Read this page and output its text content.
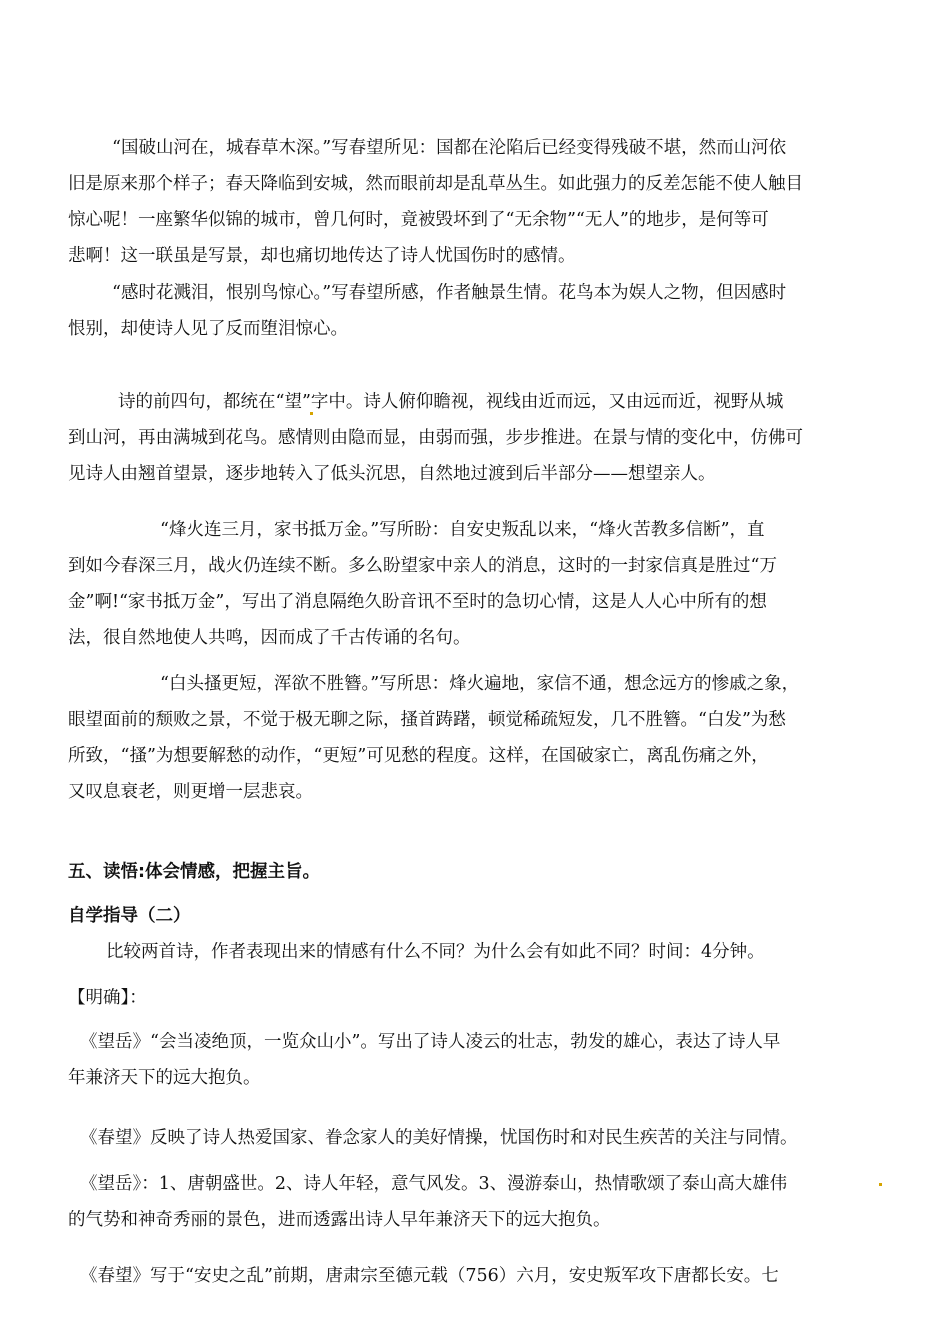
“国破山河在，城春草木深。”写春望所见：国都在沦陷后已经变得残破不堪，然而山河依
旧是原来那个样子；春天降临到安城，然而眼前却是乱草丛生。如此强力的反差怎能不使人触目
惊心呢！一座繁华似锦的城市，曾几何时，竟被毁坏到了“无余物”“无人”的地步，是何等可
悲啊！这一联虽是写景，却也痛切地传达了诗人忧国伤时的感情。
“感时花溅泪，恨别鸟惊心。”写春望所感，作者触景生情。花鸟本为娱人之物，但因感时
恨别，却使诗人见了反而堕泪惊心。
诗的前四句，都统在“望”字中。诗人俯仰瞻视，视线由近而远，又由远而近，视野从城
到山河，再由满城到花鸟。感情则由隐而显，由弱而强，步步推进。在景与情的变化中，仿佛可
见诗人由翘首望景，逐步地转入了低头沉思，自然地过渡到后半部分——想望亲人。
“烽火连三月，家书抵万金。”写所盼：自安史叛乱以来，“烽火苦教多信断”，直
到如今春深三月，战火仍连续不断。多么盼望家中亲人的消息，这时的一封家信真是胜过“万
金”啊!“家书抵万金”，写出了消息隔绝久盼音讯不至时的急切心情，这是人人心中所有的想
法，很自然地使人共鸣，因而成了千古传诵的名句。
“白头搔更短，浑欲不胜簪。”写所思：烽火遍地，家信不通，想念远方的惨戚之象，
眼望面前的颓败之景，不觉于极无聊之际，搔首踌躇，顿觉稀疏短发，几不胜簪。“白发”为愁
所致，“搔”为想要解愁的动作，“更短”可见愁的程度。这样，在国破家亡，离乱伤痛之外，
又叹息衰老，则更增一层悲哀。
五、读悟:体会情感，把握主旨。
自学指导（二）
比较两首诗，作者表现出来的情感有什么不同？为什么会有如此不同？时间：4分钟。
【明确】：
《望岳》“会当凌绝顶，一览众山小”。写出了诗人凌云的壮志，勃发的雄心，表达了诗人早
年兼济天下的远大抱负。
《春望》反映了诗人热爱国家、眷念家人的美好情操，忧国伤时和对民生疾苦的关注与同情。
《望岳》：1、唐朝盛世。2、诗人年轻，意气风发。3、漫游泰山，热情歌颂了泰山高大雄伟
的气势和神奇秀丽的景色，进而透露出诗人早年兼济天下的远大抱负。
《春望》写于“安史之乱”前期，唐肃宗至德元载（756）六月，安史叛军攻下唐都长安。七
